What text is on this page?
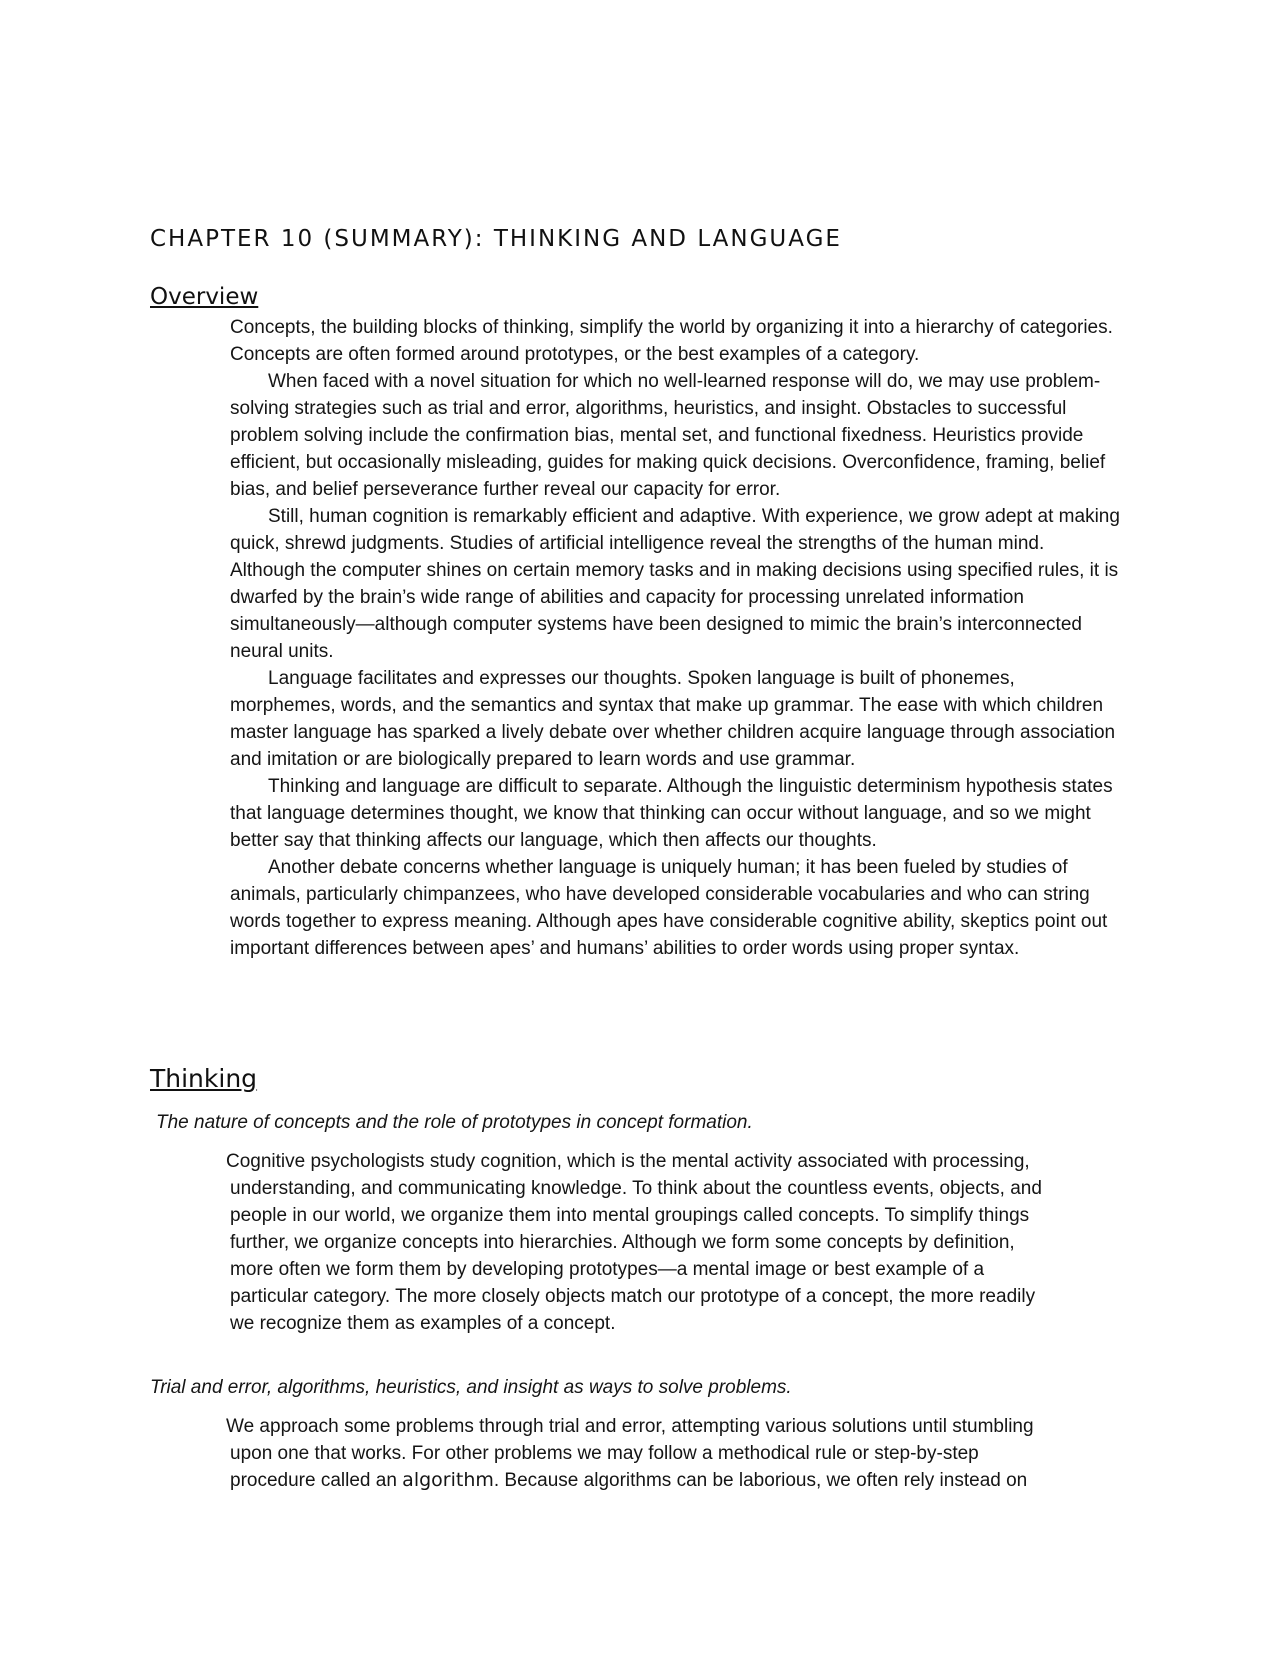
CHAPTER 10 (SUMMARY): THINKING AND LANGUAGE
Overview

Concepts, the building blocks of thinking, simplify the world by organizing it into a hierarchy of categories. Concepts are often formed around prototypes, or the best examples of a category.

When faced with a novel situation for which no well-learned response will do, we may use problem-solving strategies such as trial and error, algorithms, heuristics, and insight. Obstacles to successful problem solving include the confirmation bias, mental set, and functional fixedness. Heuristics provide efficient, but occasionally misleading, guides for making quick decisions. Overconfidence, framing, belief bias, and belief perseverance further reveal our capacity for error.

Still, human cognition is remarkably efficient and adaptive. With experience, we grow adept at making quick, shrewd judgments. Studies of artificial intelligence reveal the strengths of the human mind. Although the computer shines on certain memory tasks and in making decisions using specified rules, it is dwarfed by the brain’s wide range of abilities and capacity for processing unrelated information simultaneously—although computer systems have been designed to mimic the brain’s interconnected neural units.

Language facilitates and expresses our thoughts. Spoken language is built of phonemes, morphemes, words, and the semantics and syntax that make up grammar. The ease with which children master language has sparked a lively debate over whether children acquire language through association and imitation or are biologically prepared to learn words and use grammar.

Thinking and language are difficult to separate. Although the linguistic determinism hypothesis states that language determines thought, we know that thinking can occur without language, and so we might better say that thinking affects our language, which then affects our thoughts.

Another debate concerns whether language is uniquely human; it has been fueled by studies of animals, particularly chimpanzees, who have developed considerable vocabularies and who can string words together to express meaning. Although apes have considerable cognitive ability, skeptics point out important differences between apes’ and humans’ abilities to order words using proper syntax.

Thinking

The nature of concepts and the role of prototypes in concept formation.

Cognitive psychologists study cognition, which is the mental activity associated with processing,
understanding, and communicating knowledge. To think about the countless events, objects, and
people in our world, we organize them into mental groupings called concepts. To simplify things
further, we organize concepts into hierarchies. Although we form some concepts by definition,
more often we form them by developing prototypes—a mental image or best example of a
particular category. The more closely objects match our prototype of a concept, the more readily
we recognize them as examples of a concept.

Trial and error, algorithms, heuristics, and insight as ways to solve problems.

We approach some problems through trial and error, attempting various solutions until stumbling
upon one that works. For other problems we may follow a methodical rule or step-by-step
procedure called an algorithm. Because algorithms can be laborious, we often rely instead on
